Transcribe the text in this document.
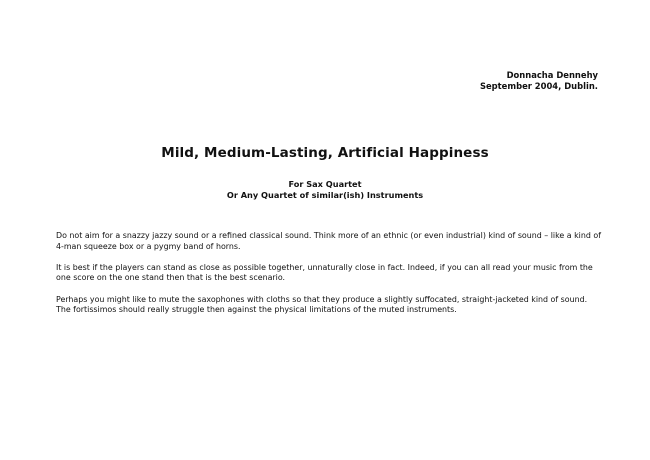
Donnacha Dennehy
September 2004, Dublin.
Mild, Medium-Lasting, Artificial Happiness
For Sax Quartet
Or Any Quartet of similar(ish) Instruments

Do not aim for a snazzy jazzy sound or a refined classical sound. Think more of an ethnic (or even industrial) kind of sound – like a kind of 4-man squeeze box or a pygmy band of horns.

It is best if the players can stand as close as possible together, unnaturally close in fact. Indeed, if you can all read your music from the one score on the one stand then that is the best scenario.

Perhaps you might like to mute the saxophones with cloths so that they produce a slightly suffocated, straight-jacketed kind of sound. The fortissimos should really struggle then against the physical limitations of the muted instruments.
